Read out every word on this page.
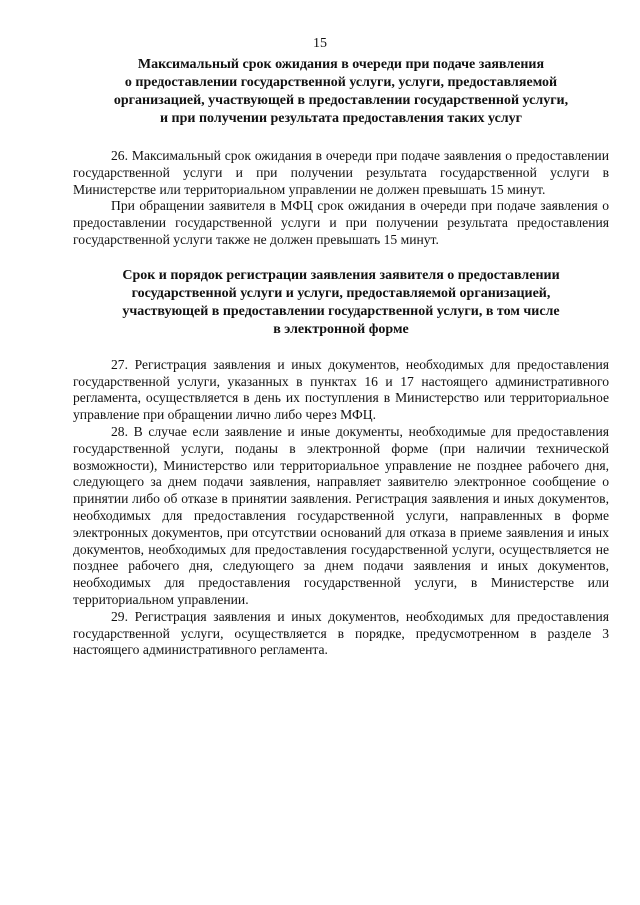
15
Максимальный срок ожидания в очереди при подаче заявления
о предоставлении государственной услуги, услуги, предоставляемой
организацией, участвующей в предоставлении государственной услуги,
и при получении результата предоставления таких услуг

26. Максимальный срок ожидания в очереди при подаче заявления о предоставлении государственной услуги и при получении результата государственной услуги в Министерстве или территориальном управлении не должен превышать 15 минут.

При обращении заявителя в МФЦ срок ожидания в очереди при подаче заявления о предоставлении государственной услуги и при получении результата предоставления государственной услуги также не должен превышать 15 минут.

Срок и порядок регистрации заявления заявителя о предоставлении
государственной услуги и услуги, предоставляемой организацией,
участвующей в предоставлении государственной услуги, в том числе
в электронной форме

27. Регистрация заявления и иных документов, необходимых для предоставления государственной услуги, указанных в пунктах 16 и 17 настоящего административного регламента, осуществляется в день их поступления в Министерство или территориальное управление при обращении лично либо через МФЦ.

28. В случае если заявление и иные документы, необходимые для предоставления государственной услуги, поданы в электронной форме (при наличии технической возможности), Министерство или территориальное управление не позднее рабочего дня, следующего за днем подачи заявления, направляет заявителю электронное сообщение о принятии либо об отказе в принятии заявления. Регистрация заявления и иных документов, необходимых для предоставления государственной услуги, направленных в форме электронных документов, при отсутствии оснований для отказа в приеме заявления и иных документов, необходимых для предоставления государственной услуги, осуществляется не позднее рабочего дня, следующего за днем подачи заявления и иных документов, необходимых для предоставления государственной услуги, в Министерстве или территориальном управлении.

29. Регистрация заявления и иных документов, необходимых для предоставления государственной услуги, осуществляется в порядке, предусмотренном в разделе 3 настоящего административного регламента.
